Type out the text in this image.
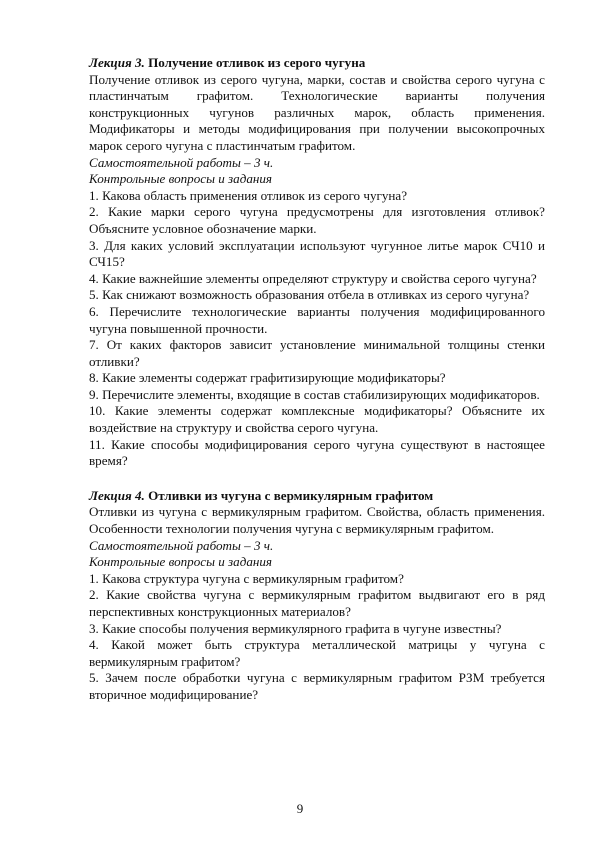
Лекция 3. Получение отливок из серого чугуна

Получение отливок из серого чугуна, марки, состав и свойства серого чугуна с пластинчатым графитом. Технологические варианты получения конструкционных чугунов различных марок, область применения. Модификаторы и методы модифицирования при получении высокопрочных марок серого чугуна с пластинчатым графитом.

Самостоятельной работы – 3 ч.

Контрольные вопросы и задания

1. Какова область применения отливок из серого чугуна?

2. Какие марки серого чугуна предусмотрены для изготовления отливок? Объясните условное обозначение марки.

3. Для каких условий эксплуатации используют чугунное литье марок СЧ10 и СЧ15?

4. Какие важнейшие элементы определяют структуру и свойства серого чугуна?

5. Как снижают возможность образования отбела в отливках из серого чугуна?

6. Перечислите технологические варианты получения модифицированного чугуна повышенной прочности.

7. От каких факторов зависит установление минимальной толщины стенки отливки?

8. Какие элементы содержат графитизирующие модификаторы?

9. Перечислите элементы, входящие в состав стабилизирующих модификаторов.

10. Какие элементы содержат комплексные модификаторы? Объясните их воздействие на структуру и свойства серого чугуна.

11. Какие способы модифицирования серого чугуна существуют в настоящее время?

Лекция 4. Отливки из чугуна с вермикулярным графитом

Отливки из чугуна с вермикулярным графитом. Свойства, область применения. Особенности технологии получения чугуна с вермикулярным графитом.

Самостоятельной работы – 3 ч.

Контрольные вопросы и задания

1. Какова структура чугуна с вермикулярным графитом?

2. Какие свойства чугуна с вермикулярным графитом выдвигают его в ряд перспективных конструкционных материалов?

3. Какие способы получения вермикулярного графита в чугуне известны?

4. Какой может быть структура металлической матрицы у чугуна с вермикулярным графитом?

5. Зачем после обработки чугуна с вермикулярным графитом РЗМ требуется вторичное модифицирование?

9
